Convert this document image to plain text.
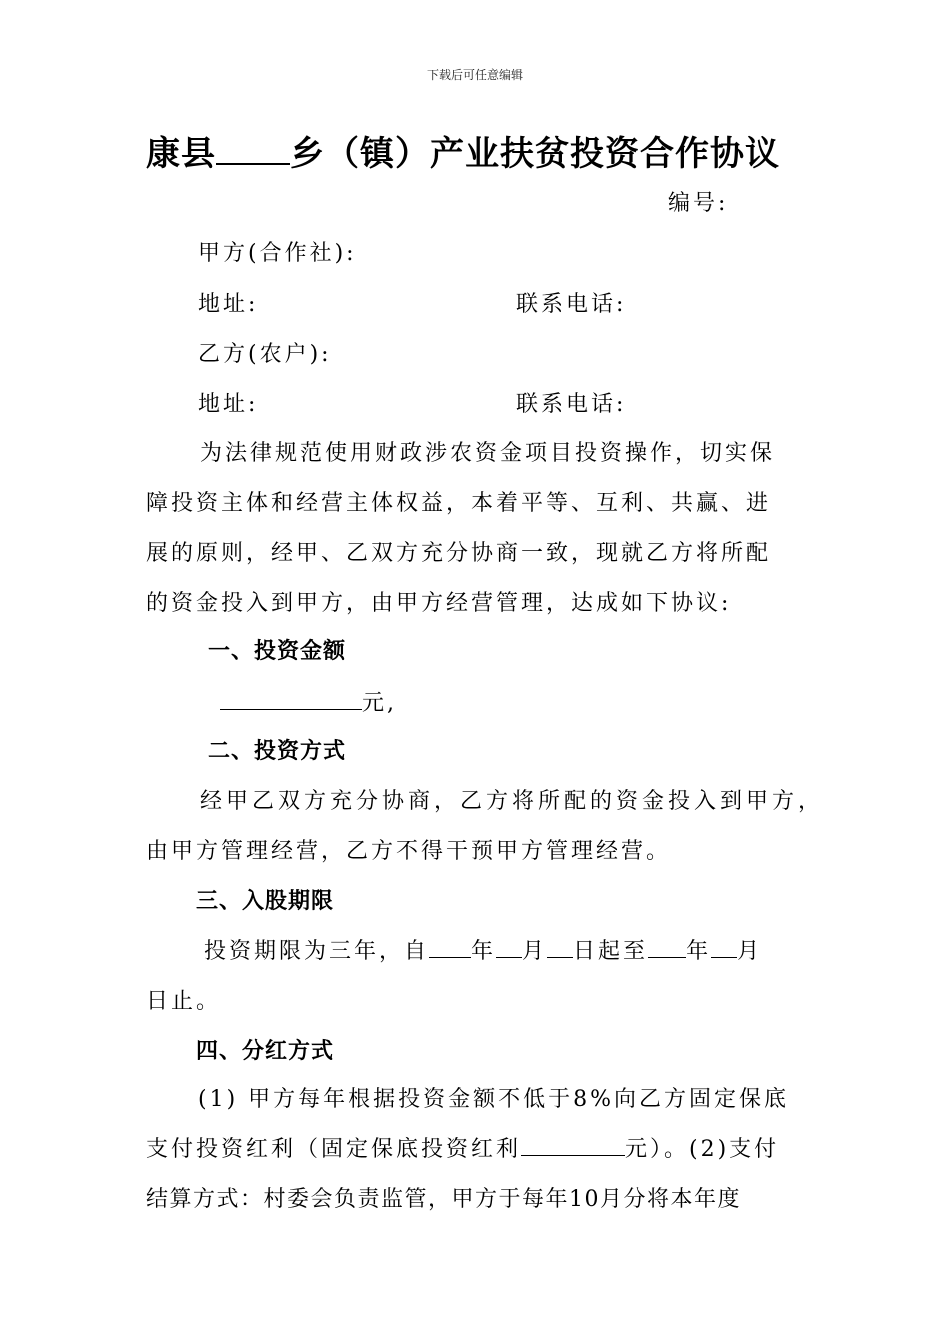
下载后可任意编辑
康县 乡（镇）产业扶贫投资合作协议
编号:
甲方(合作社):
地址:	联系电话:
乙方(农户):
地址:	联系电话:
为法律规范使用财政涉农资金项目投资操作，切实保
障投资主体和经营主体权益，本着平等、互利、共赢、进
展的原则，经甲、乙双方充分协商一致，现就乙方将所配
的资金投入到甲方，由甲方经营管理，达成如下协议:
一、投资金额
元,
二、投资方式
经甲乙双方充分协商，乙方将所配的资金投入到甲方，
由甲方管理经营，乙方不得干预甲方管理经营。
三、入股期限
投资期限为三年，自 年 月 日起至 年 月
日止。
四、分红方式
(1) 甲方每年根据投资金额不低于8%向乙方固定保底
支付投资红利（固定保底投资红利	元）。(2)支付
结算方式：村委会负责监管，甲方于每年10月分将本年度
